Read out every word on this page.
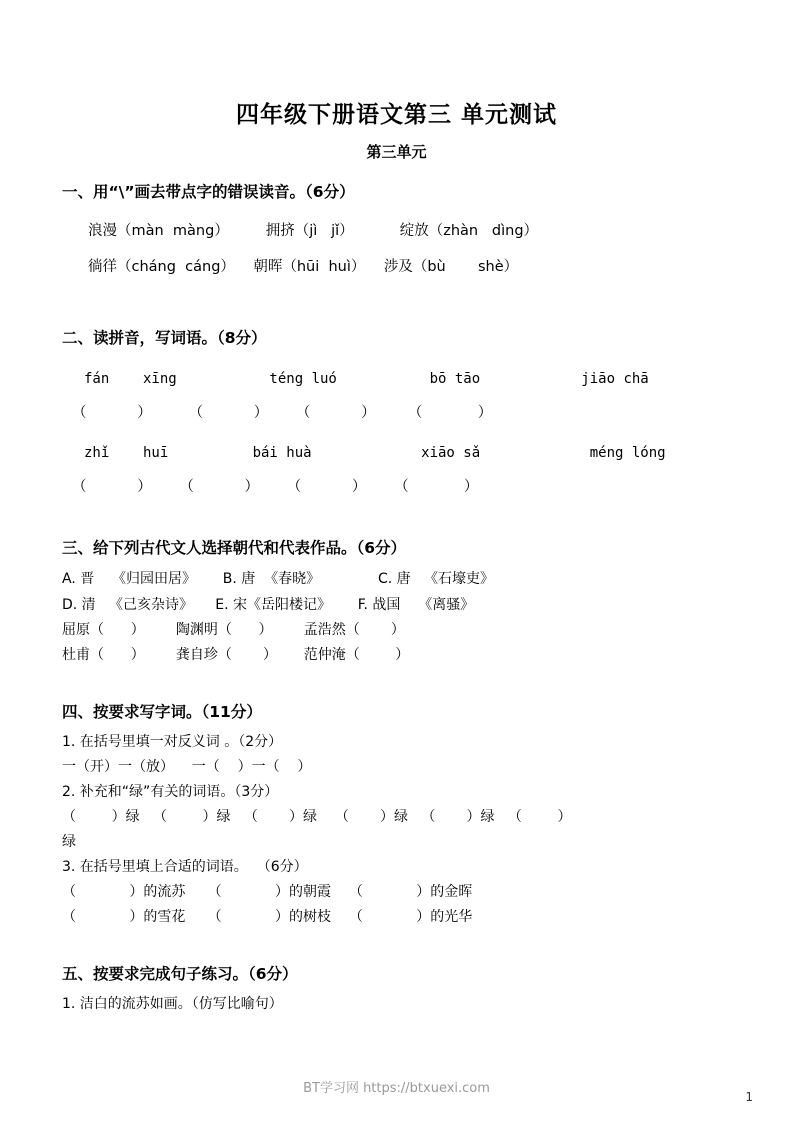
四年级下册语文第三 单元测试
第三单元
一、用“\”画去带点字的错误读音。（6分）
浪漫（màn  màng）        拥挤（jì   jǐ）          绽放（zhàn   dìng）
徜徉（cháng  cáng）    朝晖（hūi  huì）    涉及（bù       shè）
二、读拼音，写词语。（8分）
fán    xīng           téng luó           bō tāo            jiāo chā
（           ）        （           ）      （           ）       （            ）
zhǐ    huī          bái huà             xiāo sǎ             méng lóng
（           ）      （           ）      （           ）      （            ）
三、给下列古代文人选择朝代和代表作品。（6分）
A. 晋    《归园田居》      B. 唐  《春晓》             C. 唐   《石壕吏》
D. 清   《己亥杂诗》     E. 宋《岳阳楼记》      F. 战国    《离骚》
屈原（      ）       陶渊明（      ）       孟浩然（       ）
杜甫（      ）       龚自珍（       ）      范仲淹（        ）
四、按要求写字词。（11分）
1. 在括号里填一对反义词 。（2分）
一（开）一（放）    一（    ）一（    ）
2. 补充和“绿”有关的词语。（3分）
（        ）绿   （        ）绿   （       ）绿    （       ）绿   （       ）绿   （        ）
绿
3. 在括号里填上合适的词语。  （6分）
（            ）的流苏     （            ）的朝霞    （            ）的金晖
（            ）的雪花     （            ）的树枝    （            ）的光华
五、按要求完成句子练习。（6分）
1. 洁白的流苏如画。（仿写比喻句）
BT学习网 https://btxuexi.com
1
